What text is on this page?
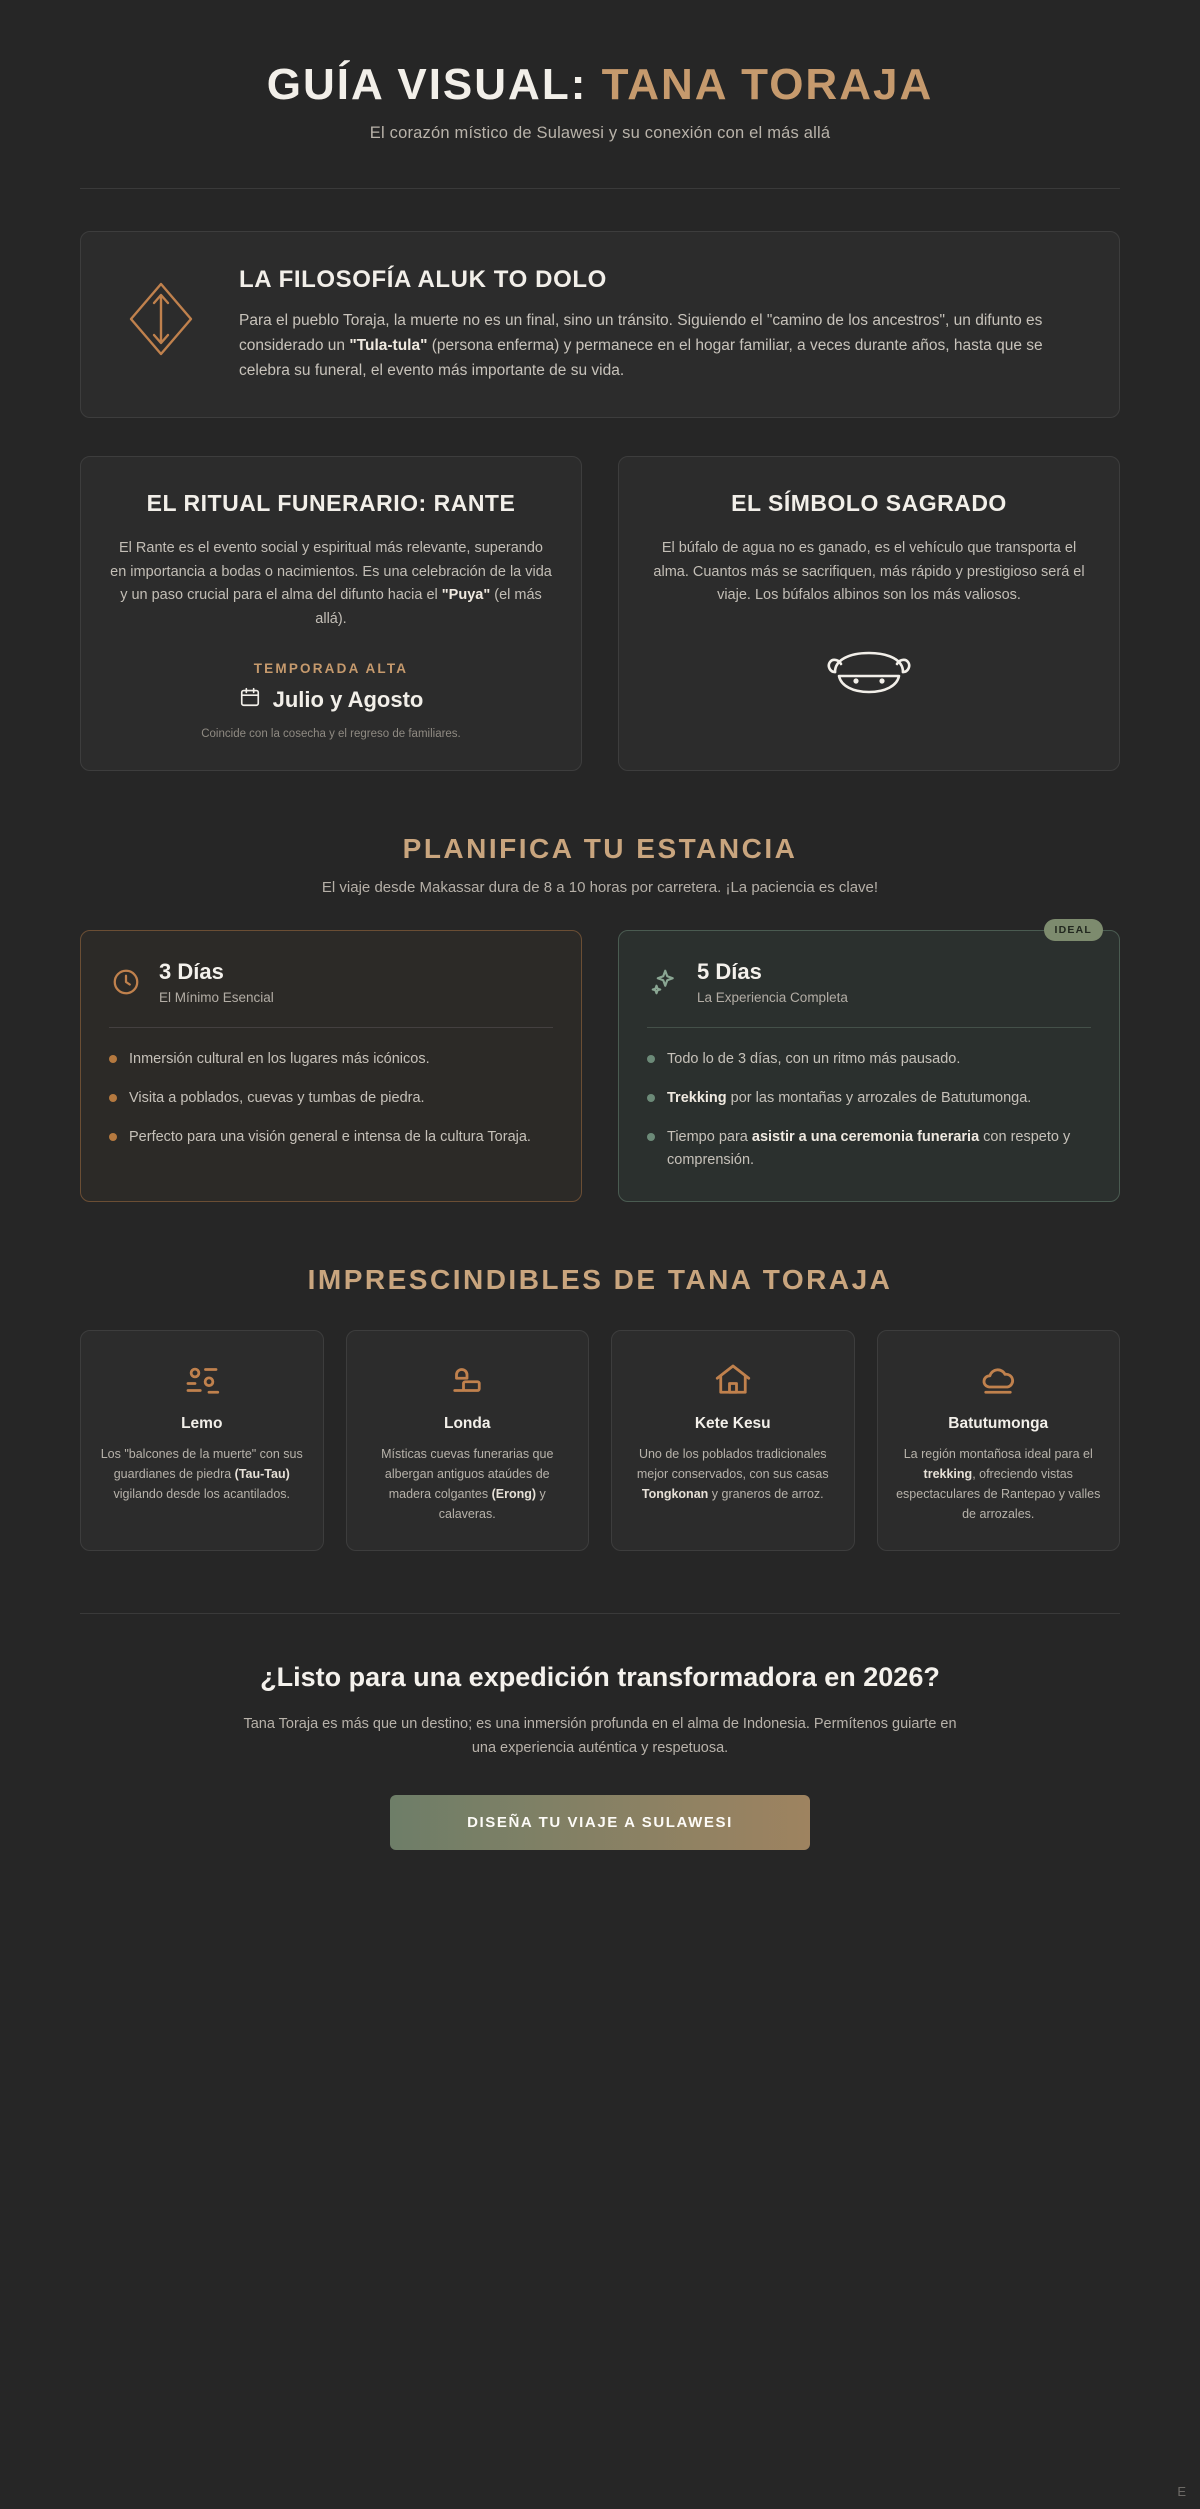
GUÍA VISUAL: TANA TORAJA
El corazón místico de Sulawesi y su conexión con el más allá
LA FILOSOFÍA ALUK TO DOLO

Para el pueblo Toraja, la muerte no es un final, sino un tránsito. Siguiendo el "camino de los ancestros", un difunto es considerado un "Tula-tula" (persona enferma) y permanece en el hogar familiar, a veces durante años, hasta que se celebra su funeral, el evento más importante de su vida.

EL RITUAL FUNERARIO: RANTE

El Rante es el evento social y espiritual más relevante, superando en importancia a bodas o nacimientos. Es una celebración de la vida y un paso crucial para el alma del difunto hacia el "Puya" (el más allá).

TEMPORADA ALTA
Julio y Agosto
Coincide con la cosecha y el regreso de familiares.
EL SÍMBOLO SAGRADO

El búfalo de agua no es ganado, es el vehículo que transporta el alma. Cuantos más se sacrifiquen, más rápido y prestigioso será el viaje. Los búfalos albinos son los más valiosos.

PLANIFICA TU ESTANCIA
El viaje desde Makassar dura de 8 a 10 horas por carretera. ¡La paciencia es clave!
3 Días
El Mínimo Esencial
Inmersión cultural en los lugares más icónicos.
Visita a poblados, cuevas y tumbas de piedra.
Perfecto para una visión general e intensa de la cultura Toraja.
IDEAL
5 Días
La Experiencia Completa
Todo lo de 3 días, con un ritmo más pausado.
Trekking por las montañas y arrozales de Batutumonga.
Tiempo para asistir a una ceremonia funeraria con respeto y comprensión.
IMPRESCINDIBLES DE TANA TORAJA
Lemo

Los "balcones de la muerte" con sus guardianes de piedra (Tau-Tau) vigilando desde los acantilados.

Londa

Místicas cuevas funerarias que albergan antiguos ataúdes de madera colgantes (Erong) y calaveras.

Kete Kesu

Uno de los poblados tradicionales mejor conservados, con sus casas Tongkonan y graneros de arroz.

Batutumonga

La región montañosa ideal para el trekking, ofreciendo vistas espectaculares de Rantepao y valles de arrozales.

¿Listo para una expedición transformadora en 2026?

Tana Toraja es más que un destino; es una inmersión profunda en el alma de Indonesia. Permítenos guiarte en una experiencia auténtica y respetuosa.

DISEÑA TU VIAJE A SULAWESI
E
